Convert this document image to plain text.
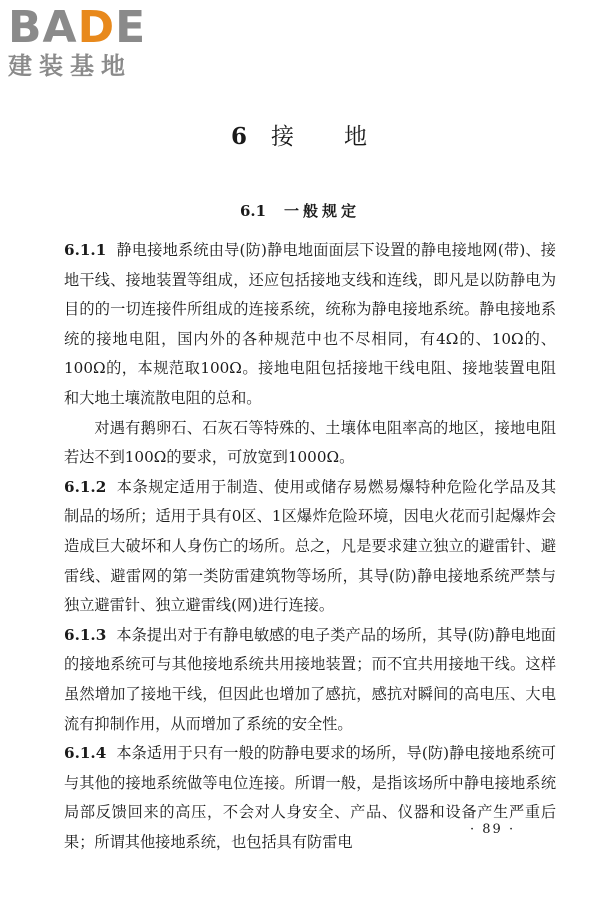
BADE
建装基地
6 接 地
6.1 一般规定

6.1.1 静电接地系统由导(防)静电地面面层下设置的静电接地网(带)、接地干线、接地装置等组成，还应包括接地支线和连线，即凡是以防静电为目的的一切连接件所组成的连接系统，统称为静电接地系统。静电接地系统的接地电阻，国内外的各种规范中也不尽相同，有4Ω的、10Ω的、100Ω的，本规范取100Ω。接地电阻包括接地干线电阻、接地装置电阻和大地土壤流散电阻的总和。

对遇有鹅卵石、石灰石等特殊的、土壤体电阻率高的地区，接地电阻若达不到100Ω的要求，可放宽到1000Ω。

6.1.2 本条规定适用于制造、使用或储存易燃易爆特种危险化学品及其制品的场所；适用于具有0区、1区爆炸危险环境，因电火花而引起爆炸会造成巨大破坏和人身伤亡的场所。总之，凡是要求建立独立的避雷针、避雷线、避雷网的第一类防雷建筑物等场所，其导(防)静电接地系统严禁与独立避雷针、独立避雷线(网)进行连接。

6.1.3 本条提出对于有静电敏感的电子类产品的场所，其导(防)静电地面的接地系统可与其他接地系统共用接地装置；而不宜共用接地干线。这样虽然增加了接地干线，但因此也增加了感抗，感抗对瞬间的高电压、大电流有抑制作用，从而增加了系统的安全性。

6.1.4 本条适用于只有一般的防静电要求的场所，导(防)静电接地系统可与其他的接地系统做等电位连接。所谓一般，是指该场所中静电接地系统局部反馈回来的高压，不会对人身安全、产品、仪器和设备产生严重后果；所谓其他接地系统，也包括具有防雷电

· 89 ·
